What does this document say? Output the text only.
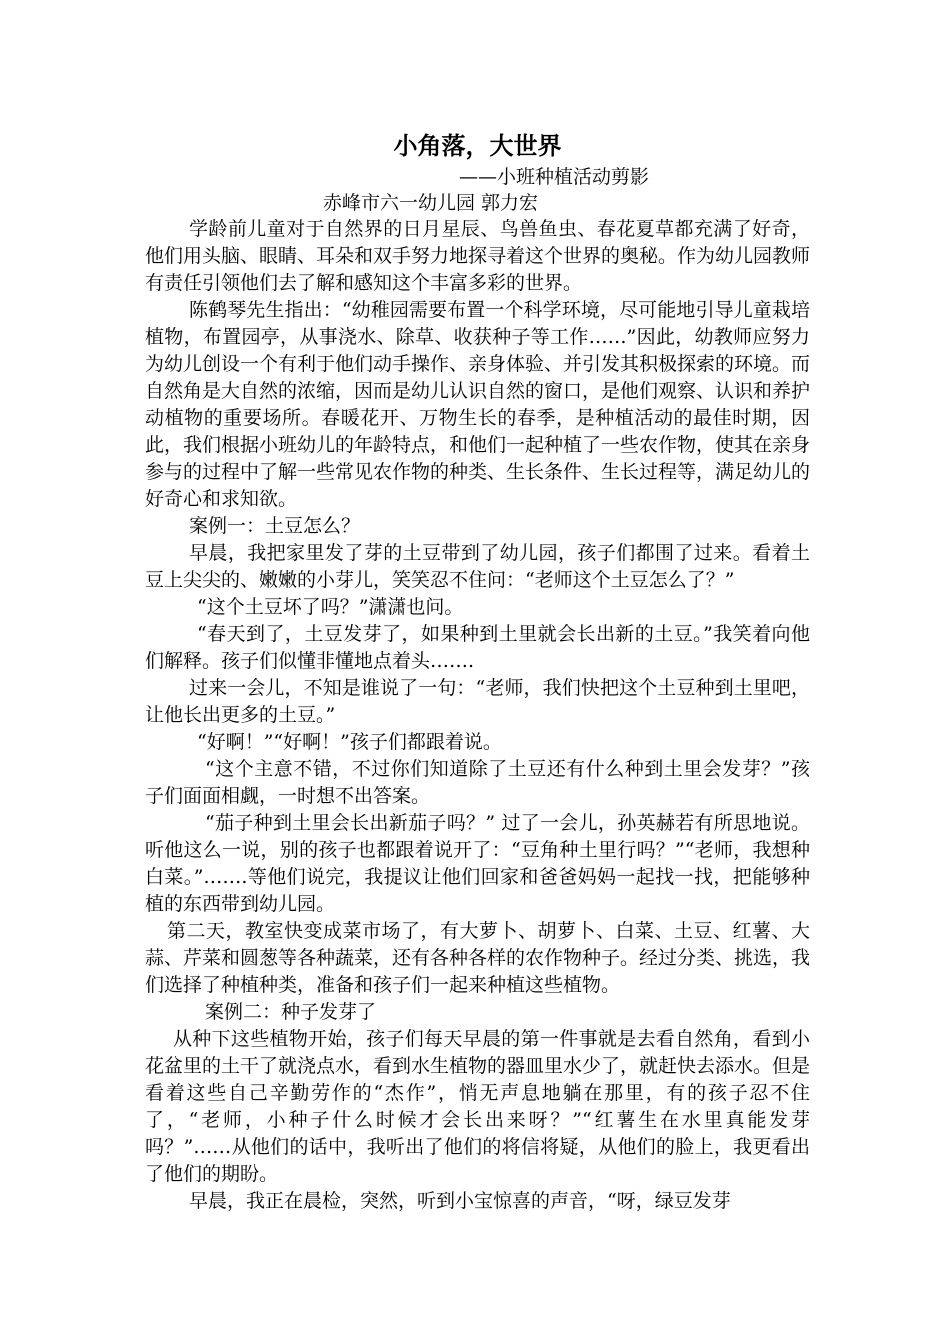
小角落，大世界
——小班种植活动剪影
赤峰市六一幼儿园 郭力宏

学龄前儿童对于自然界的日月星辰、鸟兽鱼虫、春花夏草都充满了好奇，他们用头脑、眼睛、耳朵和双手努力地探寻着这个世界的奥秘。作为幼儿园教师有责任引领他们去了解和感知这个丰富多彩的世界。

陈鹤琴先生指出：“幼稚园需要布置一个科学环境，尽可能地引导儿童栽培植物，布置园亭，从事浇水、除草、收获种子等工作……”因此，幼教师应努力为幼儿创设一个有利于他们动手操作、亲身体验、并引发其积极探索的环境。而自然角是大自然的浓缩，因而是幼儿认识自然的窗口，是他们观察、认识和养护动植物的重要场所。春暖花开、万物生长的春季，是种植活动的最佳时期，因此，我们根据小班幼儿的年龄特点，和他们一起种植了一些农作物，使其在亲身参与的过程中了解一些常见农作物的种类、生长条件、生长过程等，满足幼儿的好奇心和求知欲。

案例一：土豆怎么？

早晨，我把家里发了芽的土豆带到了幼儿园，孩子们都围了过来。看着土豆上尖尖的、嫩嫩的小芽儿，笑笑忍不住问：“老师这个土豆怎么了？”

“这个土豆坏了吗？”潇潇也问。

“春天到了，土豆发芽了，如果种到土里就会长出新的土豆。”我笑着向他们解释。孩子们似懂非懂地点着头…….

过来一会儿，不知是谁说了一句：“老师，我们快把这个土豆种到土里吧，让他长出更多的土豆。”

“好啊！”“好啊！”孩子们都跟着说。

“这个主意不错，不过你们知道除了土豆还有什么种到土里会发芽？”孩子们面面相觑，一时想不出答案。

“茄子种到土里会长出新茄子吗？” 过了一会儿，孙英赫若有所思地说。听他这么一说，别的孩子也都跟着说开了：“豆角种土里行吗？”“老师，我想种白菜。”…….等他们说完，我提议让他们回家和爸爸妈妈一起找一找，把能够种植的东西带到幼儿园。

第二天，教室快变成菜市场了，有大萝卜、胡萝卜、白菜、土豆、红薯、大蒜、芹菜和圆葱等各种蔬菜，还有各种各样的农作物种子。经过分类、挑选，我们选择了种植种类，准备和孩子们一起来种植这些植物。

案例二：种子发芽了

从种下这些植物开始，孩子们每天早晨的第一件事就是去看自然角，看到小花盆里的土干了就浇点水，看到水生植物的器皿里水少了，就赶快去添水。但是看着这些自己辛勤劳作的“杰作”，悄无声息地躺在那里，有的孩子忍不住了，“老师，小种子什么时候才会长出来呀？”“红薯生在水里真能发芽吗？”……从他们的话中，我听出了他们的将信将疑，从他们的脸上，我更看出了他们的期盼。

早晨，我正在晨检，突然，听到小宝惊喜的声音，“呀，绿豆发芽
